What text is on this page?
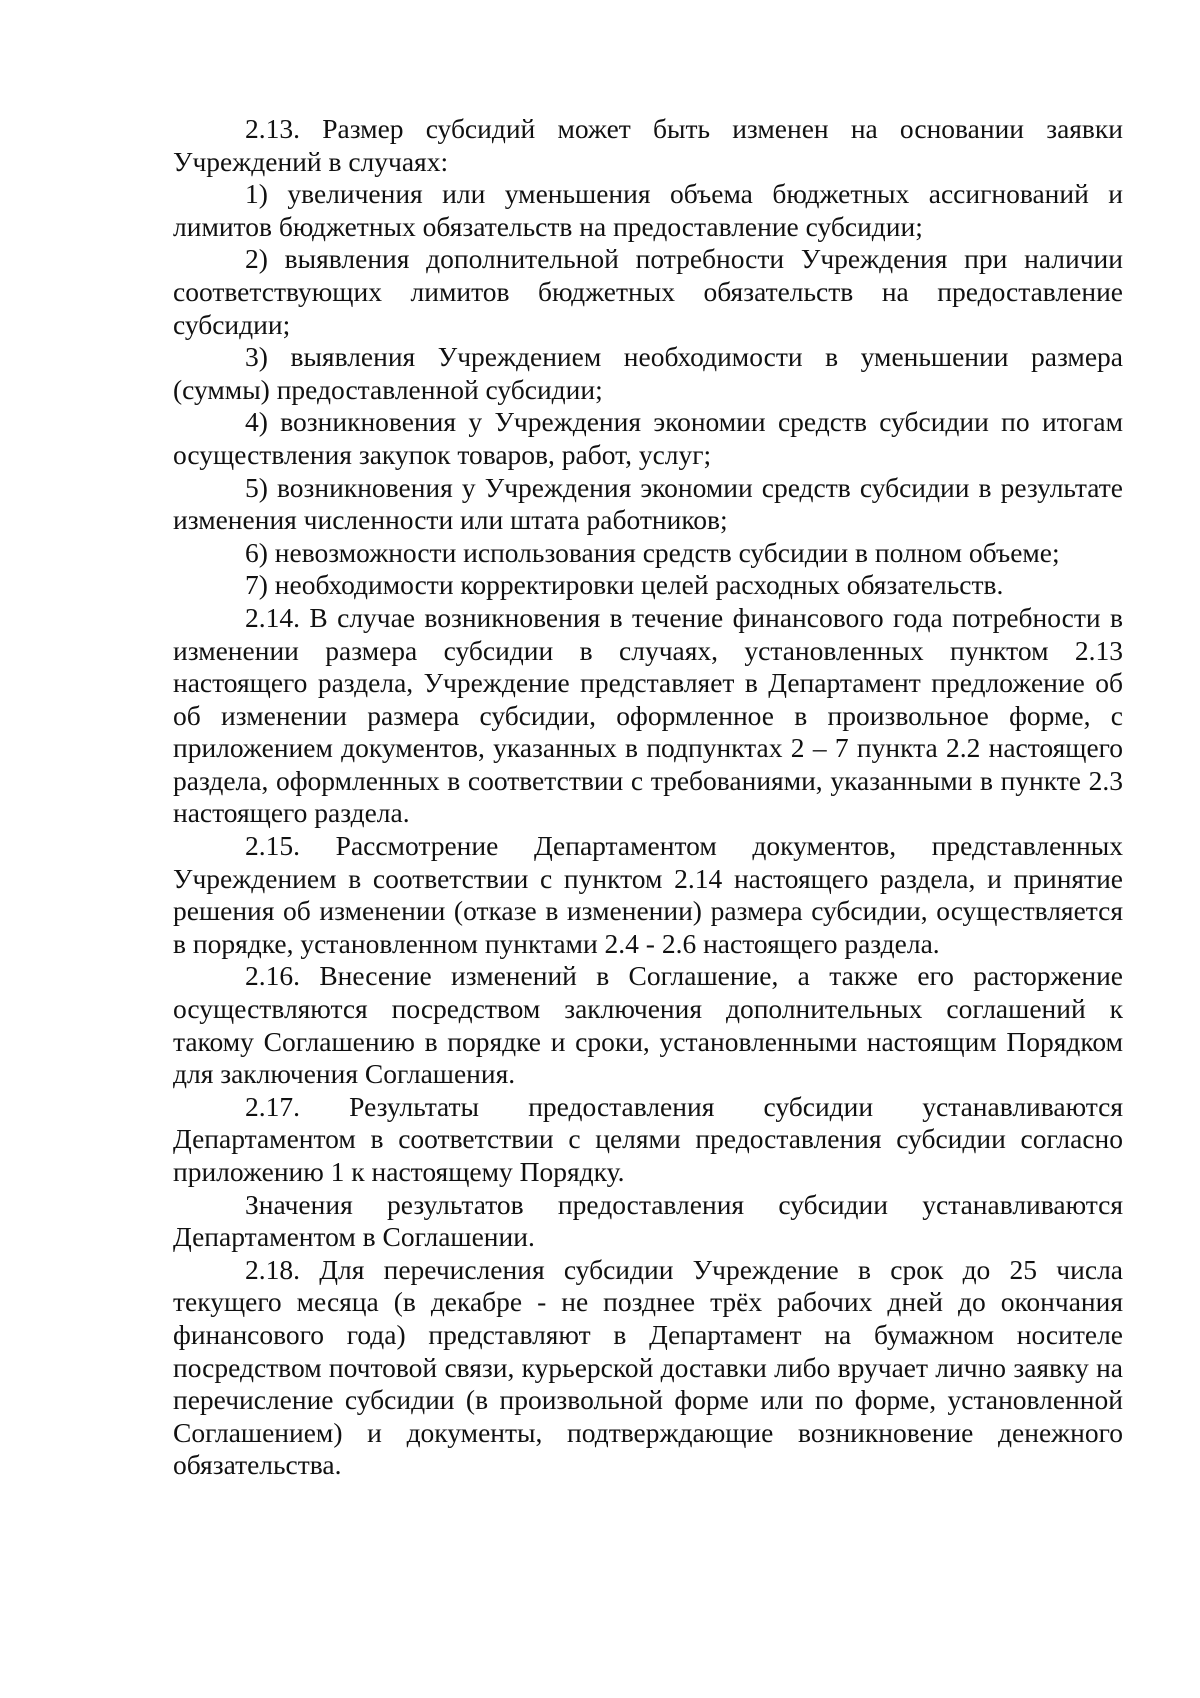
2.13. Размер субсидий может быть изменен на основании заявки Учреждений в случаях:

1) увеличения или уменьшения объема бюджетных ассигнований и лимитов бюджетных обязательств на предоставление субсидии;

2) выявления дополнительной потребности Учреждения при наличии соответствующих лимитов бюджетных обязательств на предоставление субсидии;

3) выявления Учреждением необходимости в уменьшении размера (суммы) предоставленной субсидии;

4) возникновения у Учреждения экономии средств субсидии по итогам осуществления закупок товаров, работ, услуг;

5) возникновения у Учреждения экономии средств субсидии в результате изменения численности или штата работников;

6) невозможности использования средств субсидии в полном объеме;

7) необходимости корректировки целей расходных обязательств.

2.14. В случае возникновения в течение финансового года потребности в изменении размера субсидии в случаях, установленных пунктом 2.13 настоящего раздела, Учреждение представляет в Департамент предложение об об изменении размера субсидии, оформленное в произвольное форме, с приложением документов, указанных в подпунктах 2 – 7 пункта 2.2 настоящего раздела, оформленных в соответствии с требованиями, указанными в пункте 2.3 настоящего раздела.

2.15. Рассмотрение Департаментом документов, представленных Учреждением в соответствии с пунктом 2.14 настоящего раздела, и принятие решения об изменении (отказе в изменении) размера субсидии, осуществляется в порядке, установленном пунктами 2.4 - 2.6 настоящего раздела.

2.16. Внесение изменений в Соглашение, а также его расторжение осуществляются посредством заключения дополнительных соглашений к такому Соглашению в порядке и сроки, установленными настоящим Порядком для заключения Соглашения.

2.17. Результаты предоставления субсидии устанавливаются Департаментом в соответствии с целями предоставления субсидии согласно приложению 1 к настоящему Порядку.

Значения результатов предоставления субсидии устанавливаются Департаментом в Соглашении.

2.18. Для перечисления субсидии Учреждение в срок до 25 числа текущего месяца (в декабре - не позднее трёх рабочих дней до окончания финансового года) представляют в Департамент на бумажном носителе посредством почтовой связи, курьерской доставки либо вручает лично заявку на перечисление субсидии (в произвольной форме или по форме, установленной Соглашением) и документы, подтверждающие возникновение денежного обязательства.
